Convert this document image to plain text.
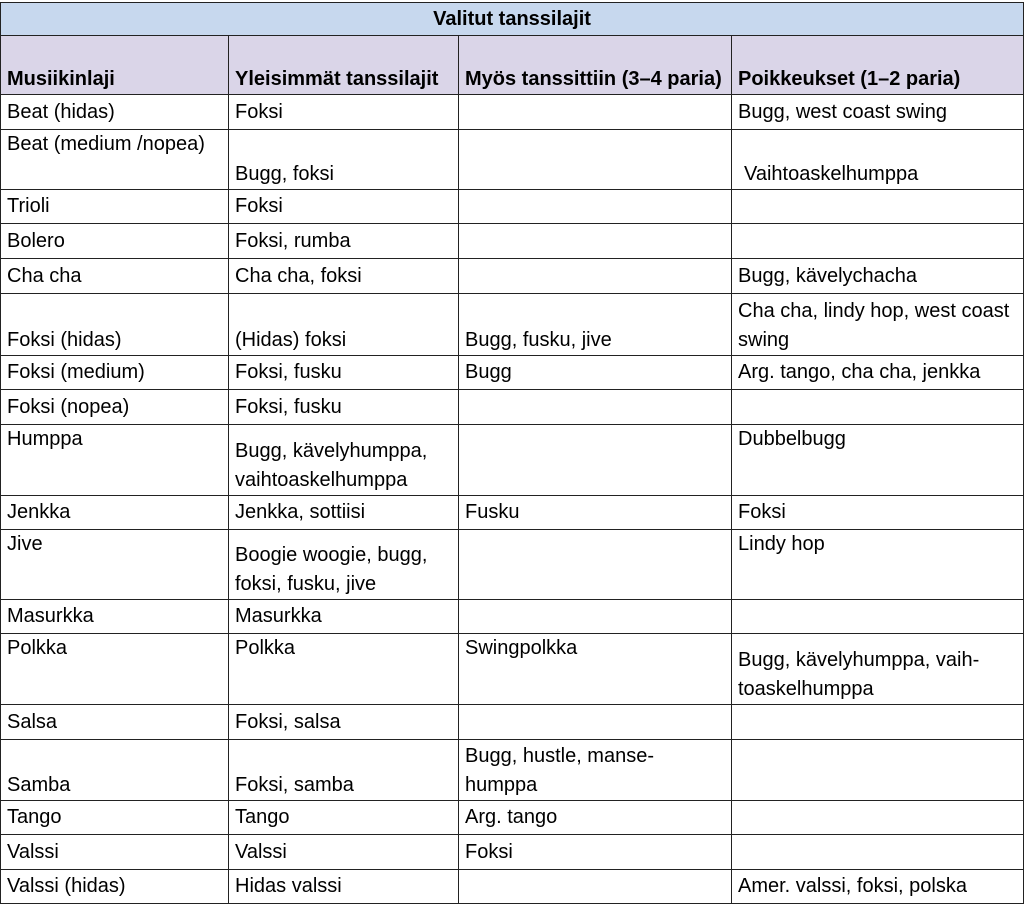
Valitut tanssilajit			
Musiikinlaji	Yleisimmät tanssilajit	Myös tanssittiin (3–4 paria)	Poikkeukset (1–2 paria)
Beat (hidas)	Foksi		Bugg, west coast swing
Beat (medium /nopea)	Bugg, foksi		Vaihtoaskelhumppa
Trioli	Foksi		
Bolero	Foksi, rumba		
Cha cha	Cha cha, foksi		Bugg, kävelychacha
Foksi (hidas)	(Hidas) foksi	Bugg, fusku, jive	Cha cha, lindy hop, west coast swing
Foksi (medium)	Foksi, fusku	Bugg	Arg. tango, cha cha, jenkka
Foksi (nopea)	Foksi, fusku		
Humppa	Bugg, kävelyhumppa, vaihtoaskelhumppa		Dubbelbugg
Jenkka	Jenkka, sottiisi	Fusku	Foksi
Jive	Boogie woogie, bugg, foksi, fusku, jive		Lindy hop
Masurkka	Masurkka		
Polkka	Polkka	Swingpolkka	Bugg, kävelyhumppa, vaih-toaskelhumppa
Salsa	Foksi, salsa		
Samba	Foksi, samba	Bugg, hustle, manse-humppa	
Tango	Tango	Arg. tango	
Valssi	Valssi	Foksi	
Valssi (hidas)	Hidas valssi		Amer. valssi, foksi, polska
